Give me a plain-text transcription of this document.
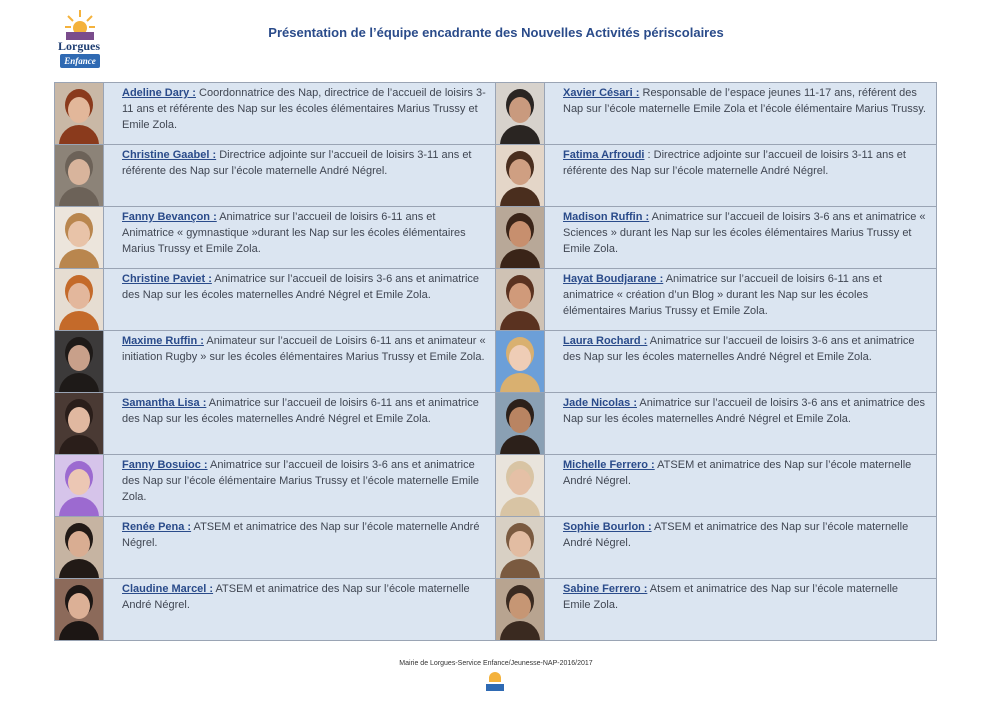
Lorgues
Enfance
Présentation de l’équipe encadrante des Nouvelles Activités périscolaires

	Adeline Dary : Coordonnatrice des Nap, directrice de l’accueil de loisirs 3-11 ans et référente des Nap sur les écoles élémentaires Marius Trussy et Emile Zola.		Xavier Césari : Responsable de l’espace jeunes 11-17 ans, référent des Nap sur l’école maternelle Emile Zola et l’école élémentaire Marius Trussy.

	Christine Gaabel : Directrice adjointe sur l’accueil de loisirs 3-11 ans et référente des Nap sur l’école maternelle André Négrel.		Fatima Arfroudi : Directrice adjointe sur l’accueil de loisirs 3-11 ans et référente des Nap sur l’école maternelle André Négrel.

	Fanny Bevançon : Animatrice sur l’accueil de loisirs 6-11 ans et Animatrice « gymnastique »durant les Nap sur les écoles élémentaires Marius Trussy et Emile Zola.		Madison Ruffin : Animatrice sur l’accueil de loisirs 3-6 ans et animatrice « Sciences » durant les Nap sur les écoles élémentaires Marius Trussy et Emile Zola.

	Christine Paviet : Animatrice sur l’accueil de loisirs 3-6 ans et animatrice des Nap sur les écoles maternelles André Négrel et Emile Zola.		Hayat Boudjarane : Animatrice sur l’accueil de loisirs 6-11 ans et animatrice « création d’un Blog » durant les Nap sur les écoles élémentaires Marius Trussy et Emile Zola.

	Maxime Ruffin : Animateur sur l’accueil de Loisirs 6-11 ans et animateur « initiation Rugby » sur les écoles élémentaires Marius Trussy et Emile Zola.		Laura Rochard : Animatrice sur l’accueil de loisirs 3-6 ans et animatrice des Nap sur les écoles maternelles André Négrel et Emile Zola.

	Samantha Lisa : Animatrice sur l’accueil de loisirs 6-11 ans et animatrice des Nap sur les écoles maternelles André Négrel et Emile Zola.		Jade Nicolas : Animatrice sur l’accueil de loisirs 3-6 ans et animatrice des Nap sur les écoles maternelles André Négrel et Emile Zola.

	Fanny Bosuioc : Animatrice sur l’accueil de loisirs 3-6 ans et animatrice des Nap sur l’école élémentaire Marius Trussy et l’école maternelle Emile Zola.		Michelle Ferrero : ATSEM et animatrice des Nap sur l’école maternelle André Négrel.

	Renée Pena : ATSEM et animatrice des Nap sur l’école maternelle André Négrel.		Sophie Bourlon : ATSEM et animatrice des Nap sur l’école maternelle André Négrel.

	Claudine Marcel : ATSEM et animatrice des Nap sur l’école maternelle André Négrel.		Sabine Ferrero : Atsem et animatrice des Nap sur l’école maternelle Emile Zola.
Mairie de Lorgues-Service Enfance/Jeunesse-NAP-2016/2017
